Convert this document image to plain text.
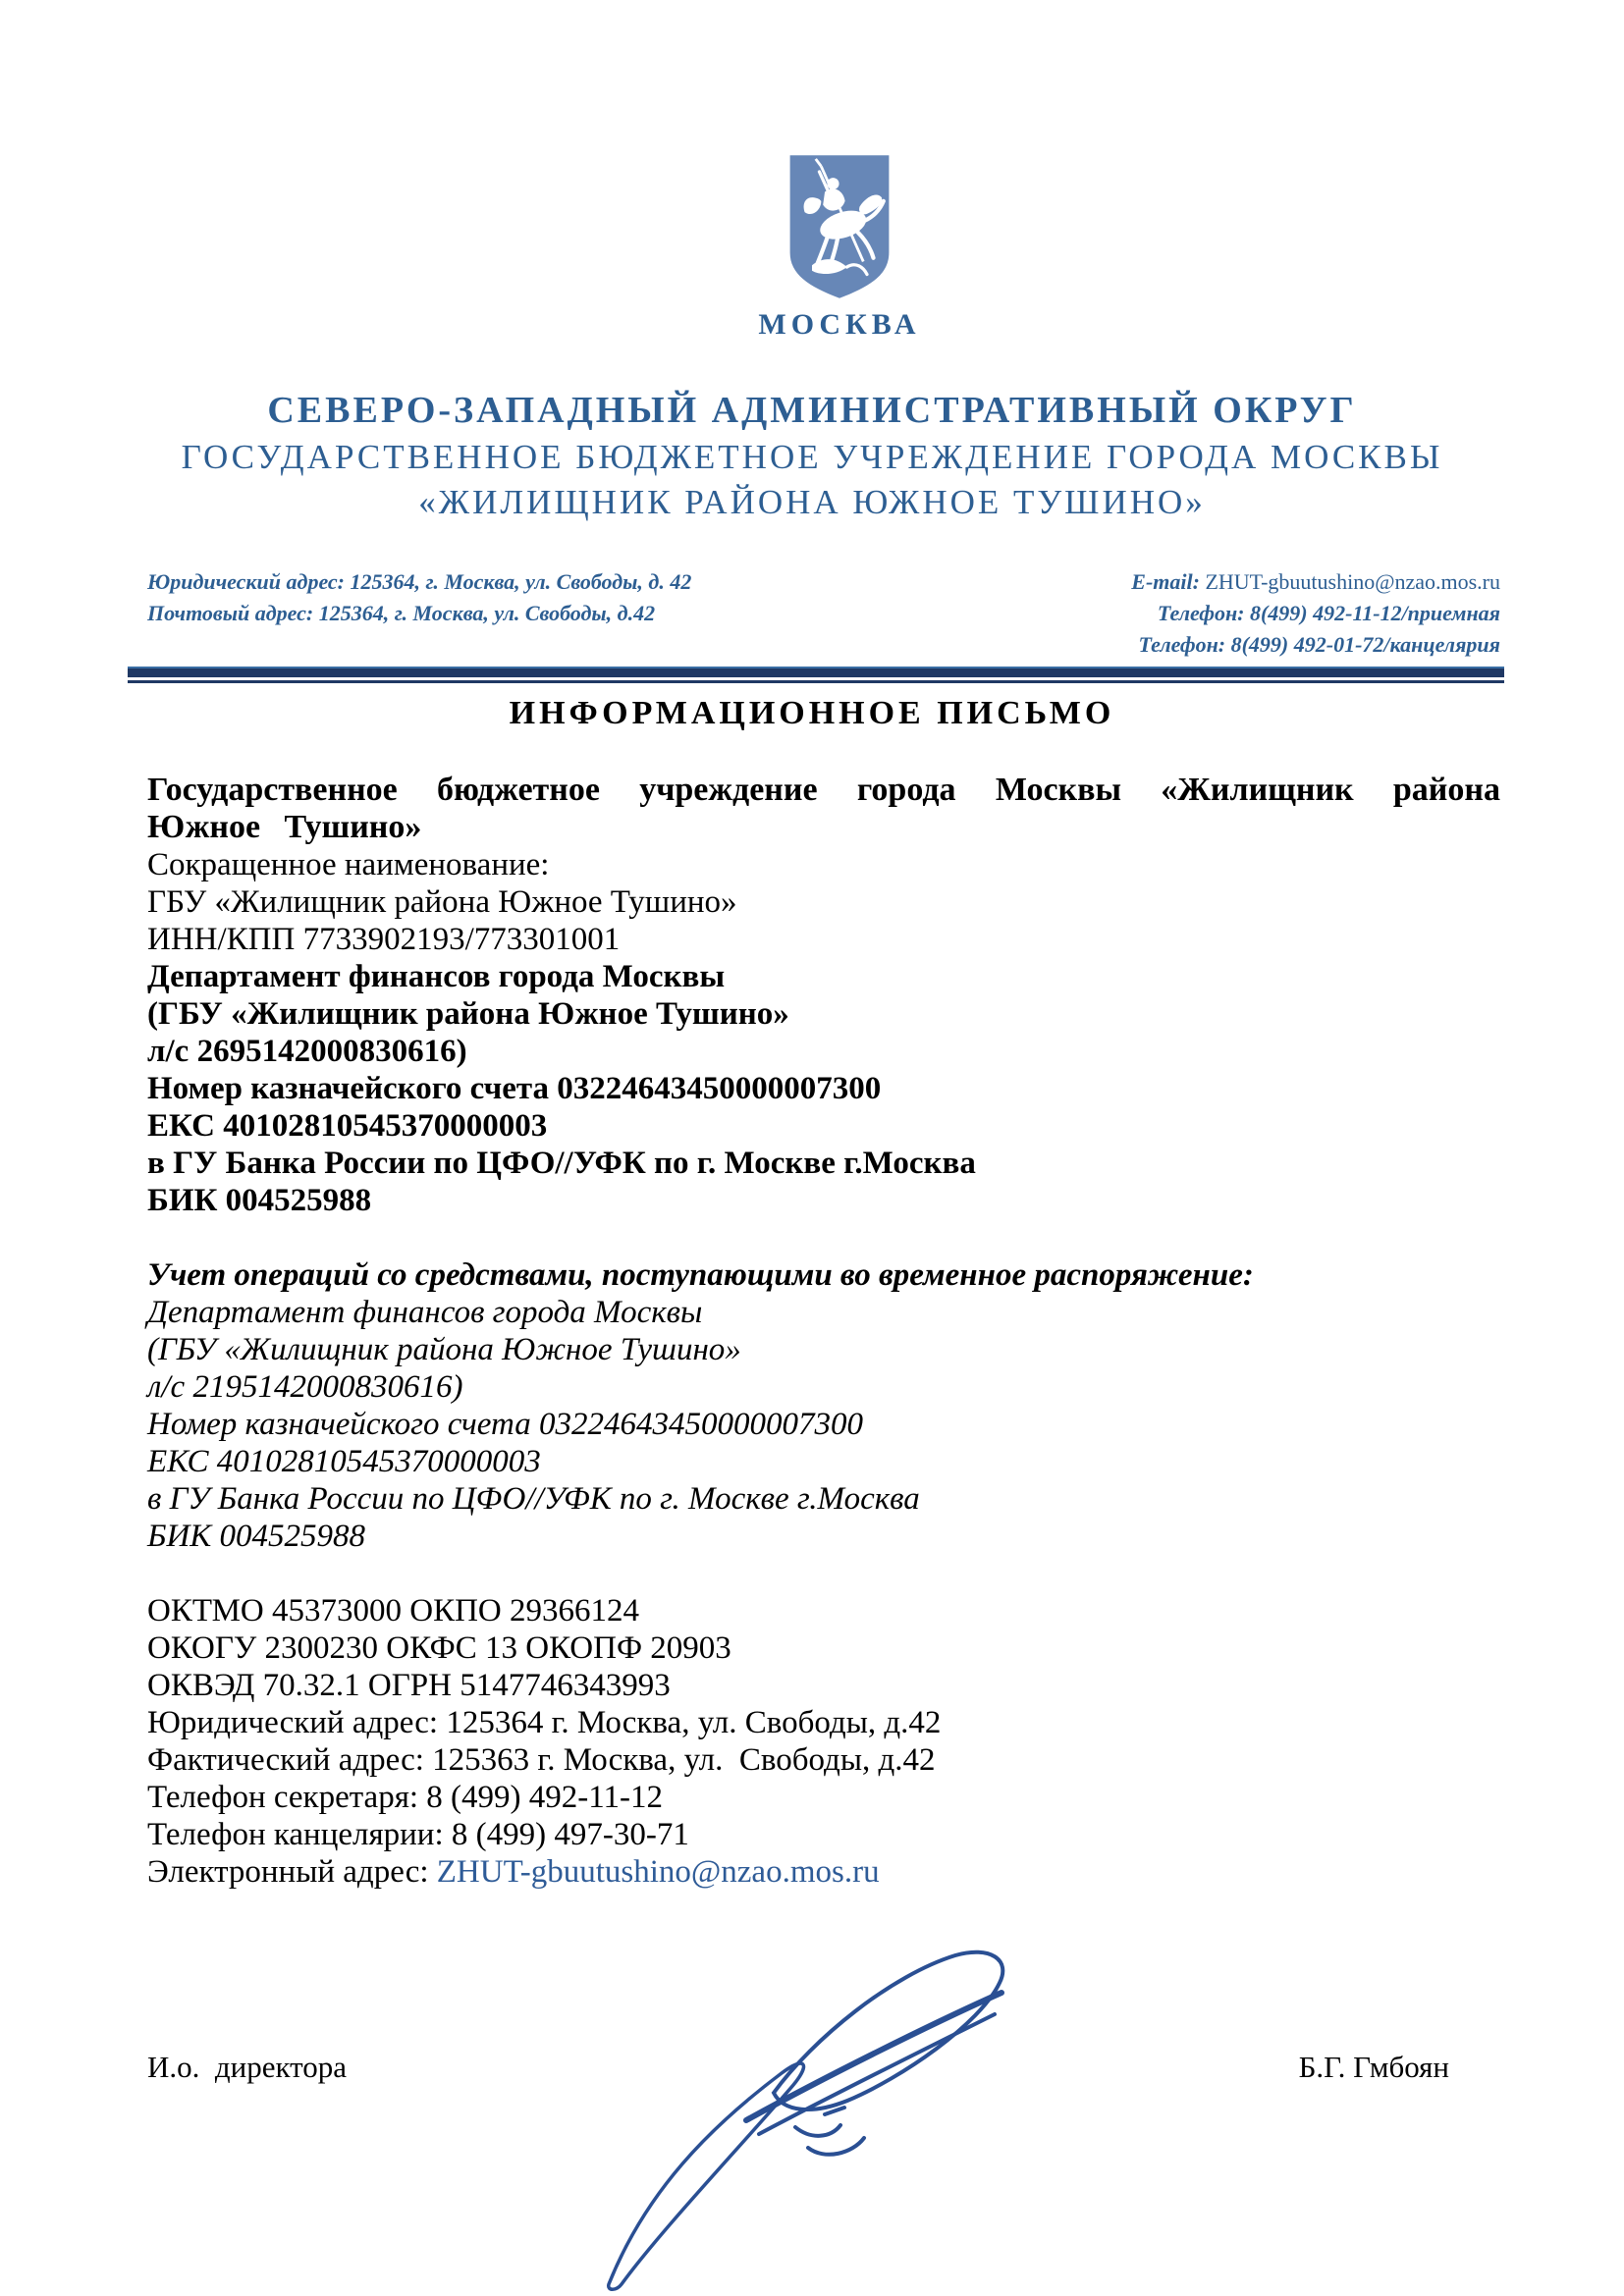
МОСКВА
СЕВЕРО-ЗАПАДНЫЙ АДМИНИСТРАТИВНЫЙ ОКРУГ
ГОСУДАРСТВЕННОЕ БЮДЖЕТНОЕ УЧРЕЖДЕНИЕ ГОРОДА МОСКВЫ
«ЖИЛИЩНИК РАЙОНА ЮЖНОЕ ТУШИНО»
Юридический адрес: 125364, г. Москва, ул. Свободы, д. 42
Почтовый адрес: 125364, г. Москва, ул. Свободы, д.42
E-mail: ZHUT-gbuutushino@nzao.mos.ru
Телефон: 8(499) 492-11-12/приемная
Телефон: 8(499) 492-01-72/канцелярия
ИНФОРМАЦИОННОЕ ПИСЬМО

Государственное бюджетное учреждение города Москвы «Жилищник района Южное Тушино»

Сокращенное наименование:
ГБУ «Жилищник района Южное Тушино»
ИНН/КПП 7733902193/773301001
Департамент финансов города Москвы
(ГБУ «Жилищник района Южное Тушино»
л/с 2695142000830616)
Номер казначейского счета 03224643450000007300
ЕКС 40102810545370000003
в ГУ Банка России по ЦФО//УФК по г. Москве г.Москва
БИК 004525988
Учет операций со средствами, поступающими во временное распоряжение:
Департамент финансов города Москвы
(ГБУ «Жилищник района Южное Тушино»
л/с 2195142000830616)
Номер казначейского счета 03224643450000007300
ЕКС 40102810545370000003
в ГУ Банка России по ЦФО//УФК по г. Москве г.Москва
БИК 004525988
ОКТМО 45373000 ОКПО 29366124
ОКОГУ 2300230 ОКФС 13 ОКОПФ 20903
ОКВЭД 70.32.1 ОГРН 5147746343993
Юридический адрес: 125364 г. Москва, ул. Свободы, д.42
Фактический адрес: 125363 г. Москва, ул.  Свободы, д.42
Телефон секретаря: 8 (499) 492-11-12
Телефон канцелярии: 8 (499) 497-30-71
Электронный адрес: ZHUT-gbuutushino@nzao.mos.ru
И.о.  директора	Б.Г. Гмбоян
